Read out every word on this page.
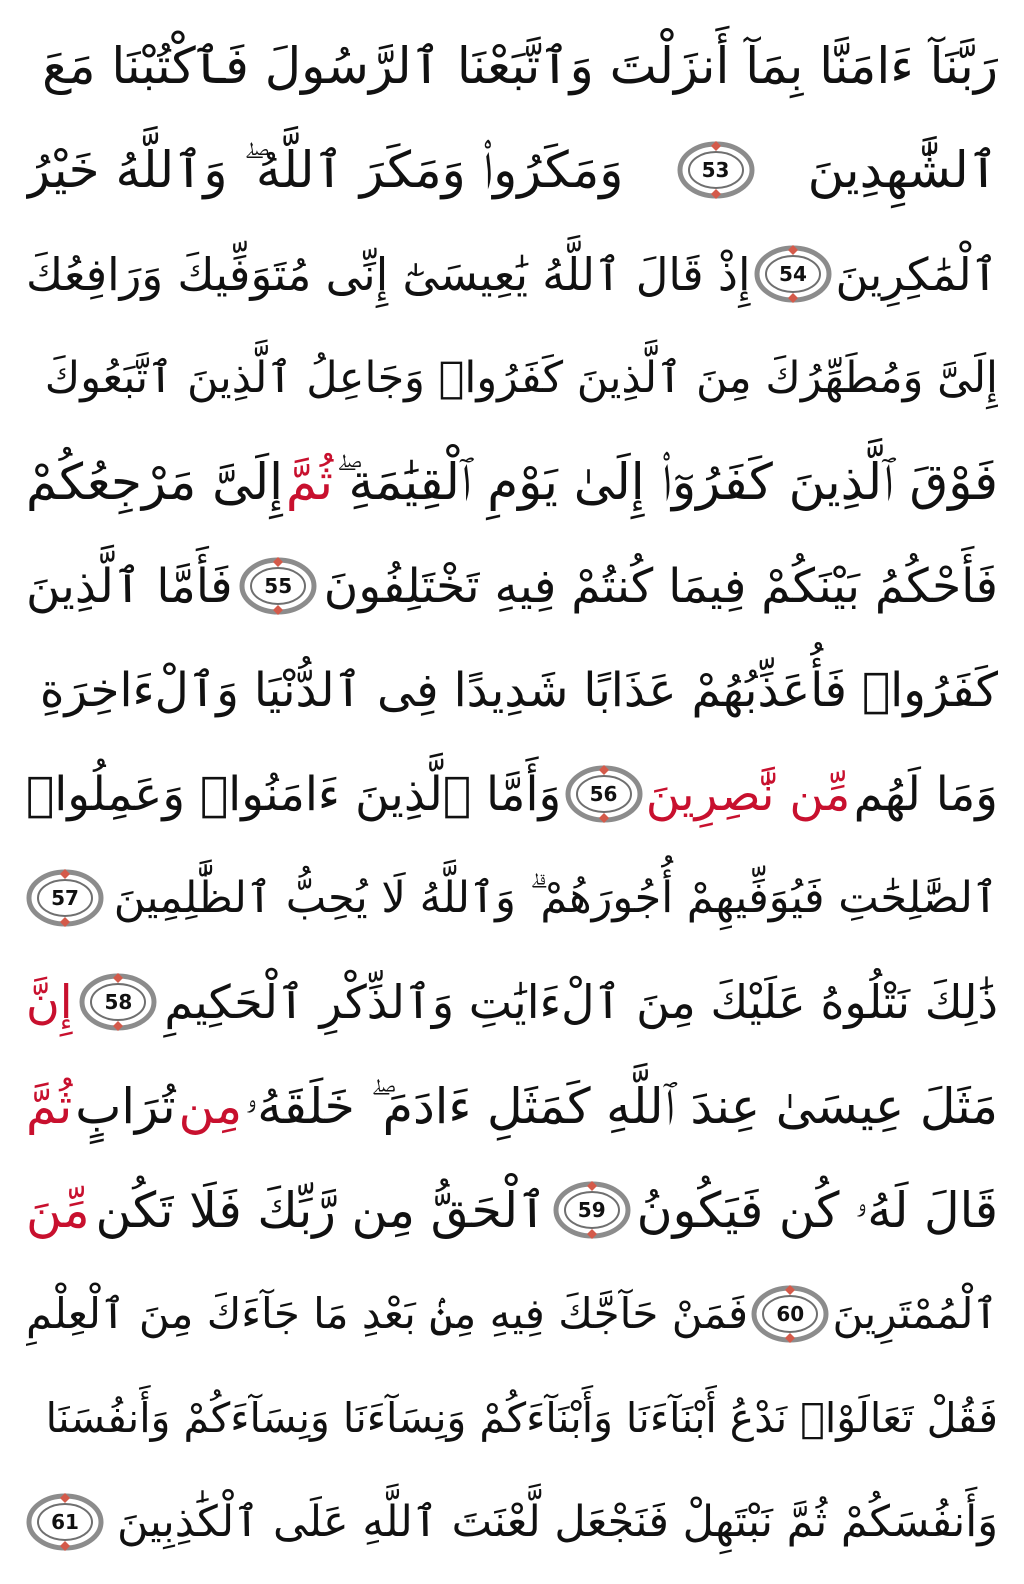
رَبَّنَآ ءَامَنَّا بِمَآ أَنزَلْتَ وَٱتَّبَعْنَا ٱلرَّسُولَ فَٱكْتُبْنَا مَعَ
ٱلشَّٰهِدِينَ
53
وَمَكَرُوا۟ وَمَكَرَ ٱللَّهُ ۖ وَٱللَّهُ خَيْرُ
ٱلْمَٰكِرِينَ
54
إِذْ قَالَ ٱللَّهُ يَٰعِيسَىٰٓ إِنِّى مُتَوَفِّيكَ وَرَافِعُكَ
إِلَىَّ وَمُطَهِّرُكَ مِنَ ٱلَّذِينَ كَفَرُوا۟ وَجَاعِلُ ٱلَّذِينَ ٱتَّبَعُوكَ
فَوْقَ ٱلَّذِينَ كَفَرُوٓا۟ إِلَىٰ يَوْمِ ٱلْقِيَٰمَةِ ۖ
ثُمَّ
إِلَىَّ مَرْجِعُكُمْ
فَأَحْكُمُ بَيْنَكُمْ فِيمَا كُنتُمْ فِيهِ تَخْتَلِفُونَ
55
فَأَمَّا ٱلَّذِينَ
كَفَرُوا۟ فَأُعَذِّبُهُمْ عَذَابًا شَدِيدًا فِى ٱلدُّنْيَا وَٱلْءَاخِرَةِ
وَمَا لَهُم
مِّن نَّٰصِرِينَ
56
وَأَمَّا ٱلَّذِينَ ءَامَنُوا۟ وَعَمِلُوا۟
ٱلصَّٰلِحَٰتِ فَيُوَفِّيهِمْ أُجُورَهُمْ ۗ وَٱللَّهُ لَا يُحِبُّ ٱلظَّٰلِمِينَ
57
ذَٰلِكَ نَتْلُوهُ عَلَيْكَ مِنَ ٱلْءَايَٰتِ وَٱلذِّكْرِ ٱلْحَكِيمِ
58
إِنَّ
مَثَلَ عِيسَىٰ عِندَ ٱللَّهِ كَمَثَلِ ءَادَمَ ۖ خَلَقَهُۥ
مِن
تُرَابٍ
ثُمَّ
قَالَ لَهُۥ كُن فَيَكُونُ
59
ٱلْحَقُّ مِن رَّبِّكَ فَلَا تَكُن
مِّنَ
ٱلْمُمْتَرِينَ
60
فَمَنْ حَآجَّكَ فِيهِ مِنۢ بَعْدِ مَا جَآءَكَ مِنَ ٱلْعِلْمِ
فَقُلْ تَعَالَوْا۟ نَدْعُ أَبْنَآءَنَا وَأَبْنَآءَكُمْ وَنِسَآءَنَا وَنِسَآءَكُمْ وَأَنفُسَنَا
وَأَنفُسَكُمْ ثُمَّ نَبْتَهِلْ فَنَجْعَل لَّعْنَتَ ٱللَّهِ عَلَى ٱلْكَٰذِبِينَ
61
